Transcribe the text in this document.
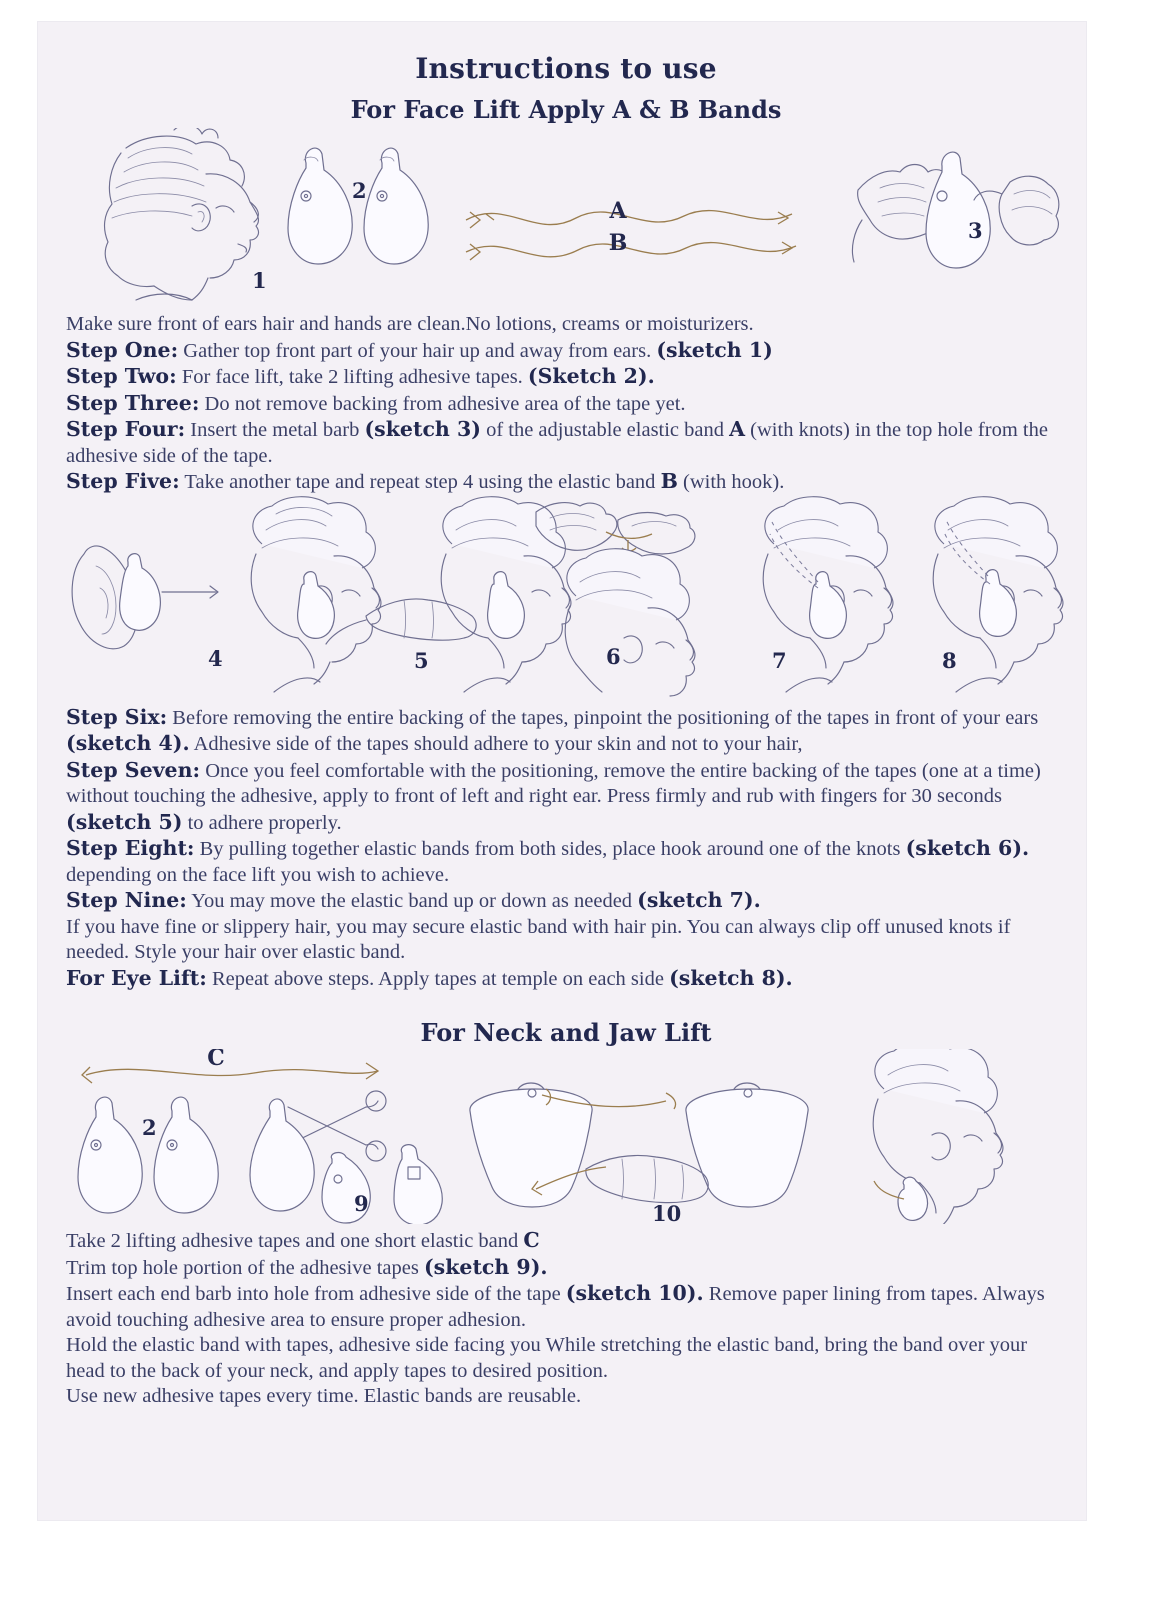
Instructions to use
For Face Lift Apply A & B Bands
1
2
A
B	3

Make sure front of ears hair and hands are clean.No lotions, creams or moisturizers.

Step One: Gather top front part of your hair up and away from ears. (sketch 1)

Step Two: For face lift, take 2 lifting adhesive tapes. (Sketch 2).

Step Three: Do not remove backing from adhesive area of the tape yet.

Step Four: Insert the metal barb (sketch 3) of the adjustable elastic band A (with knots) in the top hole from the adhesive side of the tape.

Step Five: Take another tape and repeat step 4 using the elastic band B (with hook).

4	5	6	7	8

Step Six: Before removing the entire backing of the tapes, pinpoint the positioning of the tapes in front of your ears (sketch 4). Adhesive side of the tapes should adhere to your skin and not to your hair,

Step Seven: Once you feel comfortable with the positioning, remove the entire backing of the tapes (one at a time) without touching the adhesive, apply to front of left and right ear. Press firmly and rub with fingers for 30 seconds (sketch 5) to adhere properly.

Step Eight: By pulling together elastic bands from both sides, place hook around one of the knots (sketch 6). depending on the face lift you wish to achieve.

Step Nine: You may move the elastic band up or down as needed (sketch 7).

If you have fine or slippery hair, you may secure elastic band with hair pin. You can always clip off unused knots if needed. Style your hair over elastic band.

For Eye Lift: Repeat above steps. Apply tapes at temple on each side (sketch 8).

For Neck and Jaw Lift
C
2
9	10

Take 2 lifting adhesive tapes and one short elastic band C

Trim top hole portion of the adhesive tapes (sketch 9).

Insert each end barb into hole from adhesive side of the tape (sketch 10). Remove paper lining from tapes. Always avoid touching adhesive area to ensure proper adhesion.

Hold the elastic band with tapes, adhesive side facing you While stretching the elastic band, bring the band over your head to the back of your neck, and apply tapes to desired position.

Use new adhesive tapes every time. Elastic bands are reusable.
